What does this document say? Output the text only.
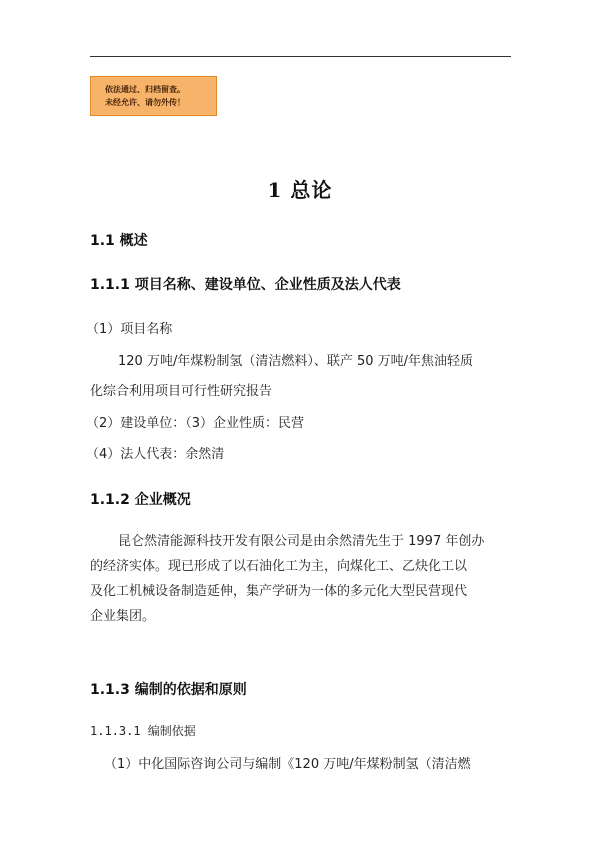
依法通过、归档留查。
未经允许、请勿外传！
1 总论
1.1 概述
1.1.1 项目名称、建设单位、企业性质及法人代表
（1）项目名称
120 万吨/年煤粉制氢（清洁燃料）、联产 50 万吨/年焦油轻质
化综合利用项目可行性研究报告
（2）建设单位：（3）企业性质：民营
（4）法人代表：余然清
1.1.2 企业概况
昆仑然清能源科技开发有限公司是由余然清先生于 1997 年创办
的经济实体。现已形成了以石油化工为主，向煤化工、乙炔化工以
及化工机械设备制造延伸，集产学研为一体的多元化大型民营现代
企业集团。
1.1.3 编制的依据和原则
1.1.3.1 编制依据
（1）中化国际咨询公司与编制《120 万吨/年煤粉制氢（清洁燃
